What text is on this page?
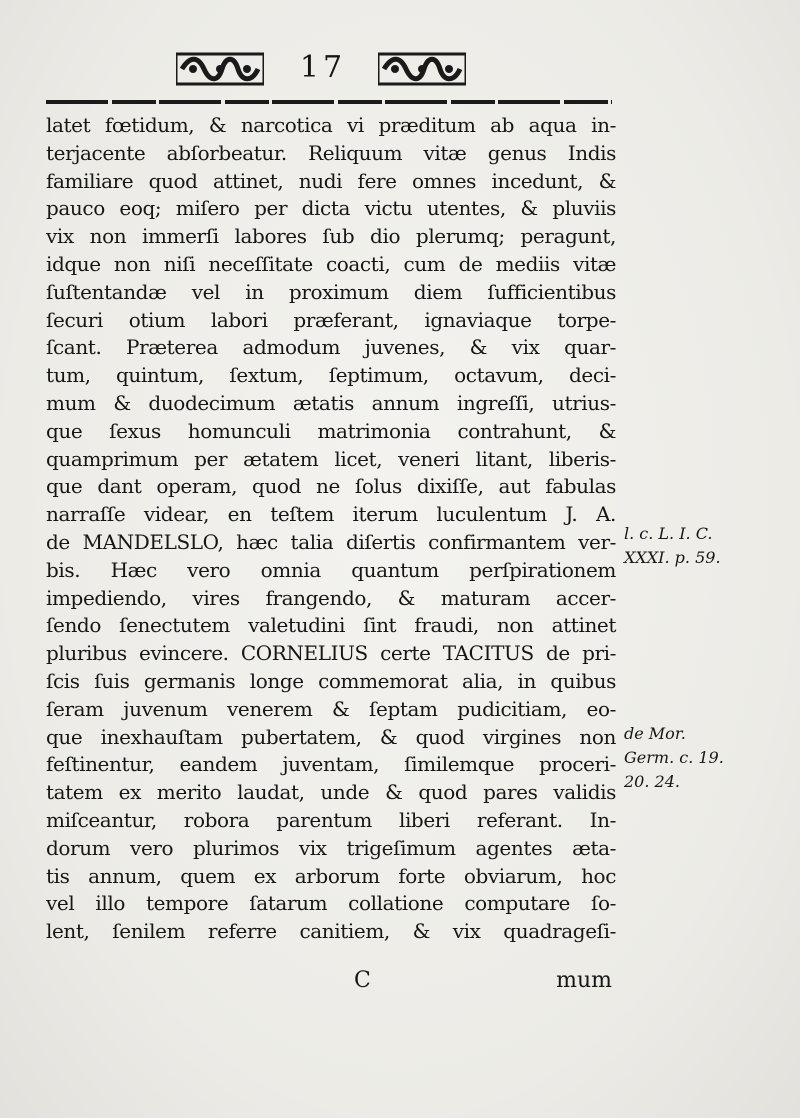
17
latet fœtidum, & narcotica vi præditum ab aqua in-
terjacente abſorbeatur. Reliquum vitæ genus Indis
familiare quod attinet, nudi fere omnes incedunt, &
pauco eoq; miſero per dicta victu utentes, & pluviis
vix non immerſi labores ſub dio plerumq; peragunt,
idque non niſi neceſſitate coacti, cum de mediis vitæ
ſuſtentandæ vel in proximum diem ſufficientibus
ſecuri otium labori præferant, ignaviaque torpe-
ſcant. Præterea admodum juvenes, & vix quar-
tum, quintum, ſextum, ſeptimum, octavum, deci-
mum & duodecimum ætatis annum ingreſſi, utrius-
que ſexus homunculi matrimonia contrahunt, &
quamprimum per ætatem licet, veneri litant, liberis-
que dant operam, quod ne ſolus dixiſſe, aut fabulas
narraſſe videar, en teſtem iterum luculentum J. A.
de MANDELSLO, hæc talia diſertis confirmantem ver-
bis. Hæc vero omnia quantum perſpirationem
impediendo, vires frangendo, & maturam accer-
ſendo ſenectutem valetudini ſint fraudi, non attinet
pluribus evincere. CORNELIUS certe TACITUS de pri-
ſcis ſuis germanis longe commemorat alia, in quibus
ſeram juvenum venerem & ſeptam pudicitiam, eo-
que inexhauſtam pubertatem, & quod virgines non
feſtinentur, eandem juventam, ſimilemque proceri-
tatem ex merito laudat, unde & quod pares validis
miſceantur, robora parentum liberi referant. In-
dorum vero plurimos vix trigeſimum agentes æta-
tis annum, quem ex arborum forte obviarum, hoc
vel illo tempore ſatarum collatione computare ſo-
lent, ſenilem referre canitiem, & vix quadrageſi-
C	mum
l. c. L. I. C.
XXXI. p. 59.
de Mor.
Germ. c. 19.
20. 24.
